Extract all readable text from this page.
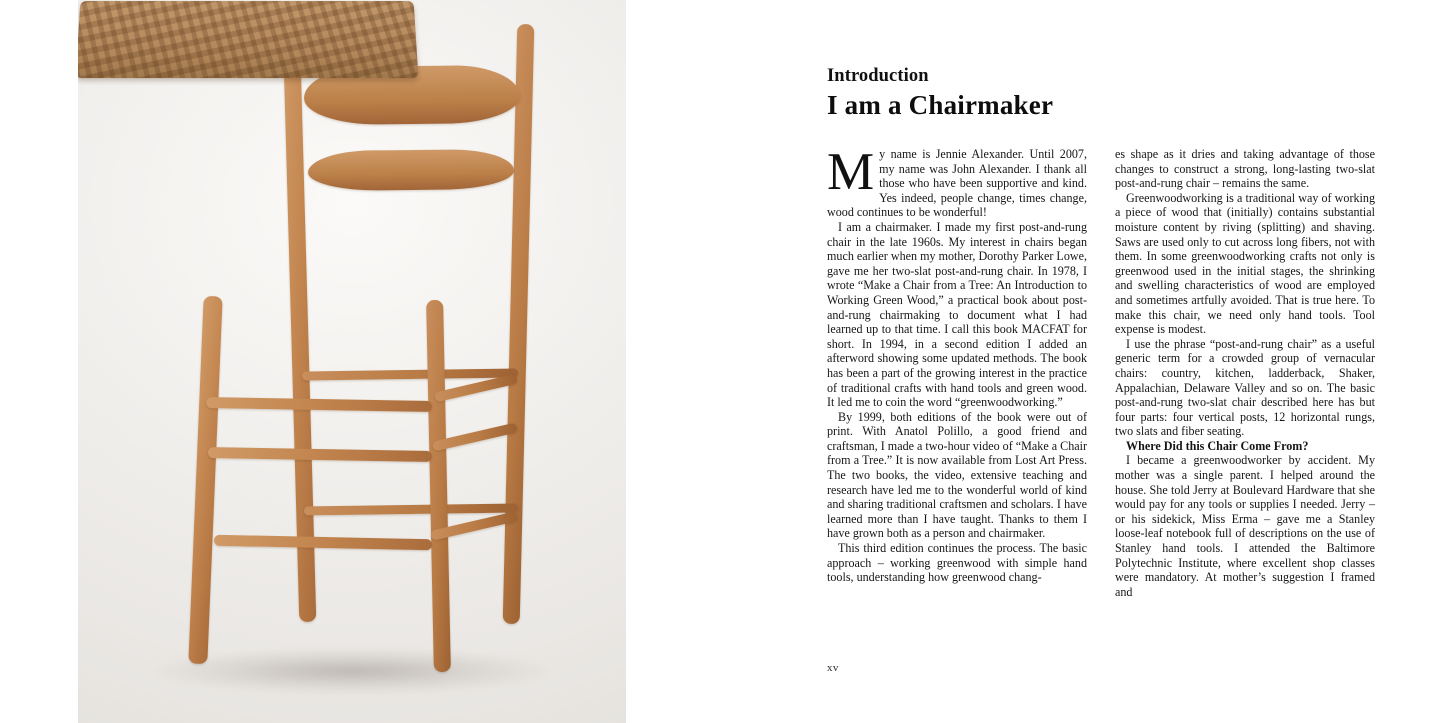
Introduction

I am a Chairmaker

M y name is Jennie Alexander. Until 2007, my name was John Alexander. I thank all those who have been supportive and kind. Yes indeed, people change, times change, wood continues to be wonderful!

I am a chairmaker. I made my first post-and-rung chair in the late 1960s. My interest in chairs began much earlier when my mother, Dorothy Parker Lowe, gave me her two-slat post-and-rung chair. In 1978, I wrote “Make a Chair from a Tree: An Introduction to Working Green Wood,” a practical book about post-and-rung chairmaking to document what I had learned up to that time. I call this book MACFAT for short. In 1994, in a second edition I added an afterword showing some updated methods. The book has been a part of the growing interest in the practice of traditional crafts with hand tools and green wood. It led me to coin the word “greenwoodworking.”

By 1999, both editions of the book were out of print. With Anatol Polillo, a good friend and craftsman, I made a two-hour video of “Make a Chair from a Tree.” It is now available from Lost Art Press. The two books, the video, extensive teaching and research have led me to the wonderful world of kind and sharing traditional craftsmen and scholars. I have learned more than I have taught. Thanks to them I have grown both as a person and chairmaker.

This third edition continues the process. The basic approach – working greenwood with simple hand tools, understanding how greenwood chang-

es shape as it dries and taking advantage of those changes to construct a strong, long-lasting two-slat post-and-rung chair – remains the same.

Greenwoodworking is a traditional way of working a piece of wood that (initially) contains substantial moisture content by riving (splitting) and shaving. Saws are used only to cut across long fibers, not with them. In some greenwoodworking crafts not only is greenwood used in the initial stages, the shrinking and swelling characteristics of wood are employed and sometimes artfully avoided. That is true here. To make this chair, we need only hand tools. Tool expense is modest.

I use the phrase “post-and-rung chair” as a useful generic term for a crowded group of vernacular chairs: country, kitchen, ladderback, Shaker, Appalachian, Delaware Valley and so on. The basic post-and-rung two-slat chair described here has but four parts: four vertical posts, 12 horizontal rungs, two slats and fiber seating.

Where Did this Chair Come From?

I became a greenwoodworker by accident. My mother was a single parent. I helped around the house. She told Jerry at Boulevard Hardware that she would pay for any tools or supplies I needed. Jerry – or his sidekick, Miss Erma – gave me a Stanley loose-leaf notebook full of descriptions on the use of Stanley hand tools. I attended the Baltimore Polytechnic Institute, where excellent shop classes were mandatory. At mother’s suggestion I framed and

xv
